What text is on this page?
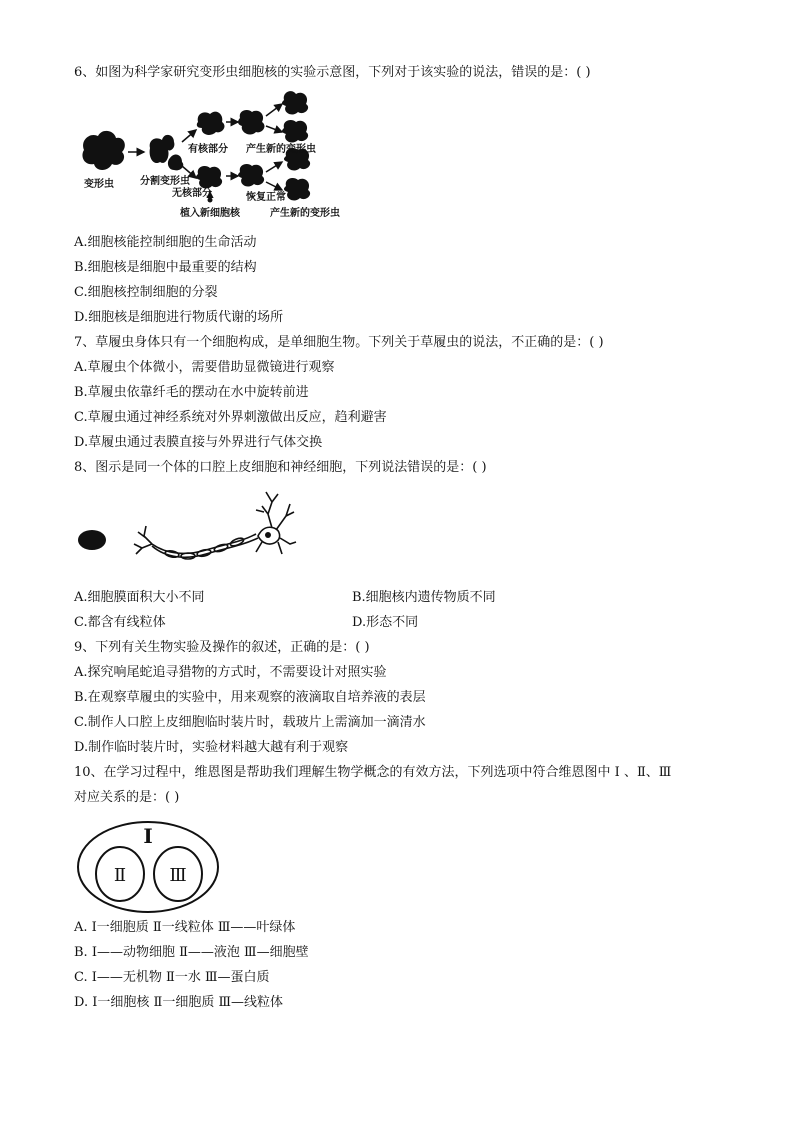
6、如图为科学家研究变形虫细胞核的实验示意图，下列对于该实验的说法，错误的是：( )
变形虫	分割变形虫
有核部分 产生新的变形虫
无核部分	恢复正常
植入新细胞核	产生新的变形虫
A.细胞核能控制细胞的生命活动
B.细胞核是细胞中最重要的结构
C.细胞核控制细胞的分裂
D.细胞核是细胞进行物质代谢的场所
7、草履虫身体只有一个细胞构成，是单细胞生物。下列关于草履虫的说法，不正确的是：( )
A.草履虫个体微小，需要借助显微镜进行观察
B.草履虫依靠纤毛的摆动在水中旋转前进
C.草履虫通过神经系统对外界刺激做出反应，趋利避害
D.草履虫通过表膜直接与外界进行气体交换
8、图示是同一个体的口腔上皮细胞和神经细胞，下列说法错误的是：( )
A.细胞膜面积大小不同	B.细胞核内遗传物质不同
C.都含有线粒体	D.形态不同
9、下列有关生物实验及操作的叙述，正确的是：( )
A.探究响尾蛇追寻猎物的方式时，不需要设计对照实验
B.在观察草履虫的实验中，用来观察的液滴取自培养液的表层
C.制作人口腔上皮细胞临时装片时，载玻片上需滴加一滴清水
D.制作临时装片时，实验材料越大越有利于观察
10、在学习过程中，维恩图是帮助我们理解生物学概念的有效方法，下列选项中符合维恩图中 Ⅰ 、Ⅱ、Ⅲ
对应关系的是：( )
Ⅰ
Ⅱ Ⅲ
A. Ⅰ一细胞质 Ⅱ一线粒体 Ⅲ——叶绿体
B. Ⅰ——动物细胞 Ⅱ——液泡 Ⅲ—细胞壁
C. Ⅰ——无机物 Ⅱ一水 Ⅲ—蛋白质
D. Ⅰ一细胞核 Ⅱ一细胞质 Ⅲ—线粒体
